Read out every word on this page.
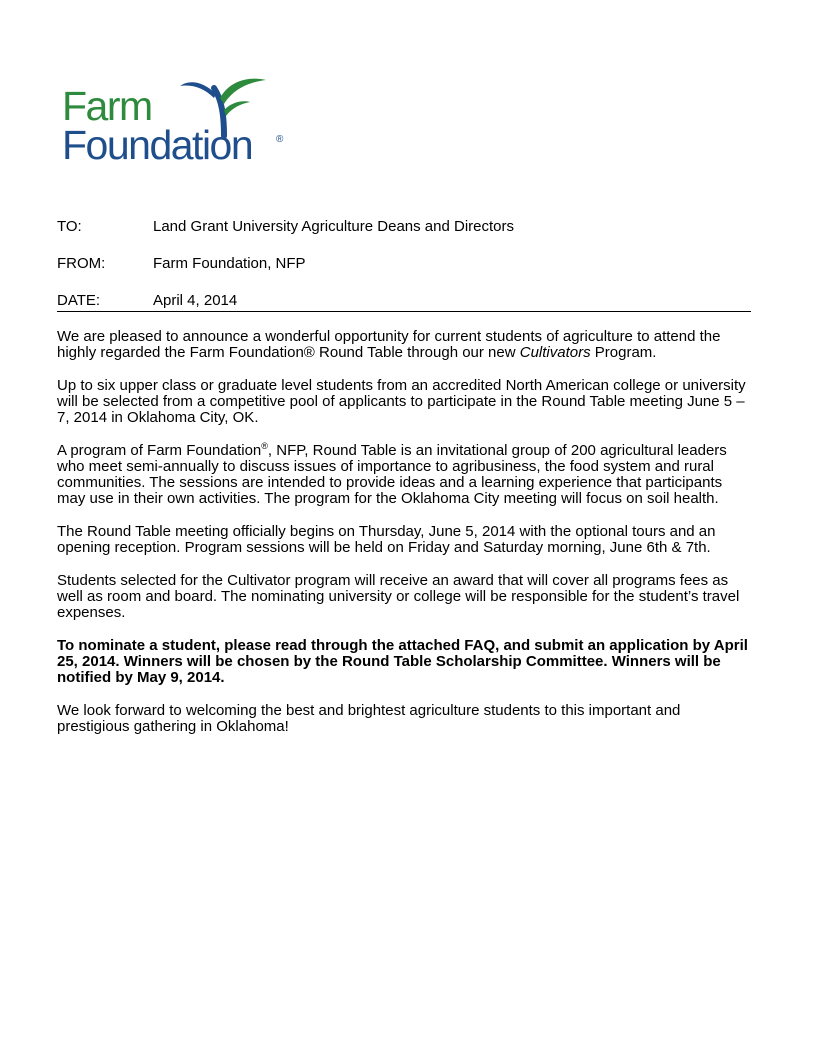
Farm
Foundation ®
TO:	Land Grant University Agriculture Deans and Directors
FROM:	Farm Foundation, NFP
DATE:	April 4, 2014

We are pleased to announce a wonderful opportunity for current students of agriculture to attend the highly regarded the Farm Foundation® Round Table through our new Cultivators Program.

Up to six upper class or graduate level students from an accredited North American college or university will be selected from a competitive pool of applicants to participate in the Round Table meeting June 5 – 7, 2014 in Oklahoma City, OK.

A program of Farm Foundation®, NFP, Round Table is an invitational group of 200 agricultural leaders who meet semi-annually to discuss issues of importance to agribusiness, the food system and rural communities. The sessions are intended to provide ideas and a learning experience that participants may use in their own activities. The program for the Oklahoma City meeting will focus on soil health.

The Round Table meeting officially begins on Thursday, June 5, 2014 with the optional tours and an opening reception. Program sessions will be held on Friday and Saturday morning, June 6th & 7th.

Students selected for the Cultivator program will receive an award that will cover all programs fees as well as room and board. The nominating university or college will be responsible for the student’s travel expenses.

To nominate a student, please read through the attached FAQ, and submit an application by April 25, 2014. Winners will be chosen by the Round Table Scholarship Committee. Winners will be notified by May 9, 2014.

We look forward to welcoming the best and brightest agriculture students to this important and prestigious gathering in Oklahoma!
